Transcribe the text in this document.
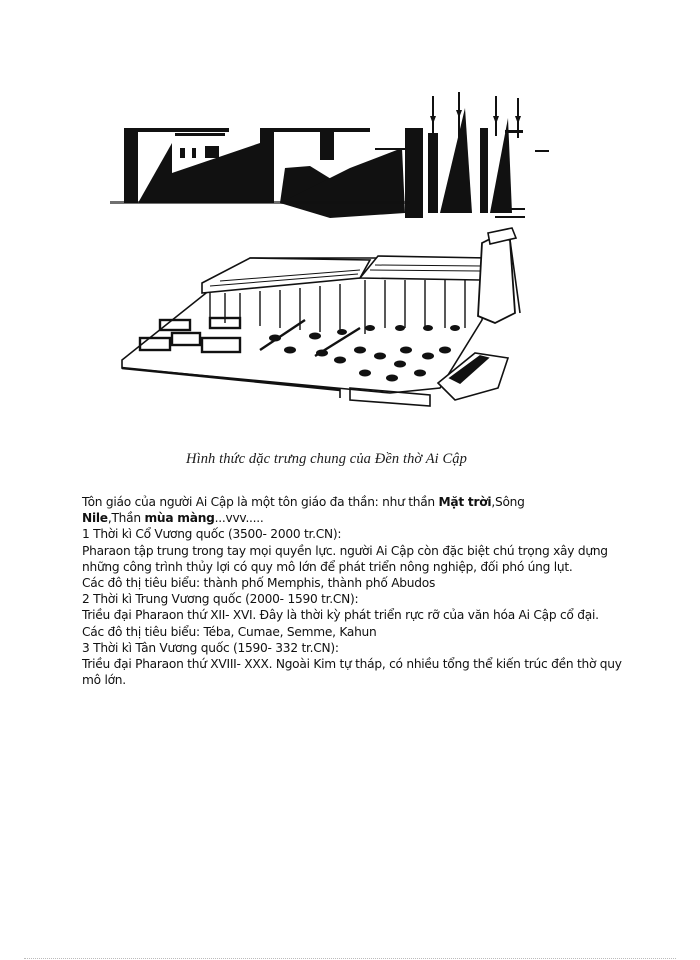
Hình thức dặc trưng chung của Đền thờ Ai Cập

Tôn giáo của người Ai Cập là một tôn giáo đa thần: như thần Mặt trời,Sông
Nile,Thần mùa màng...vvv.....

1 Thời kì Cổ Vương quốc (3500- 2000 tr.CN):

Pharaon tập trung trong tay mọi quyền lực. người Ai Cập còn đặc biệt chú trọng xây dựng những công trình thủy lợi có quy mô lớn để phát triển nông nghiệp, đối phó úng lụt.

Các đô thị tiêu biểu: thành phố Memphis, thành phố Abudos

2 Thời kì Trung Vương quốc (2000- 1590 tr.CN):

Triều đại Pharaon thứ XII- XVI. Đây là thời kỳ phát triển rực rỡ của văn hóa Ai Cập cổ đại.

Các đô thị tiêu biểu: Téba, Cumae, Semme, Kahun

3 Thời kì Tân Vương quốc (1590- 332 tr.CN):

Triều đại Pharaon thứ XVIII- XXX. Ngoài Kim tự tháp, có nhiều tổng thể kiến trúc đền thờ quy mô lớn.
